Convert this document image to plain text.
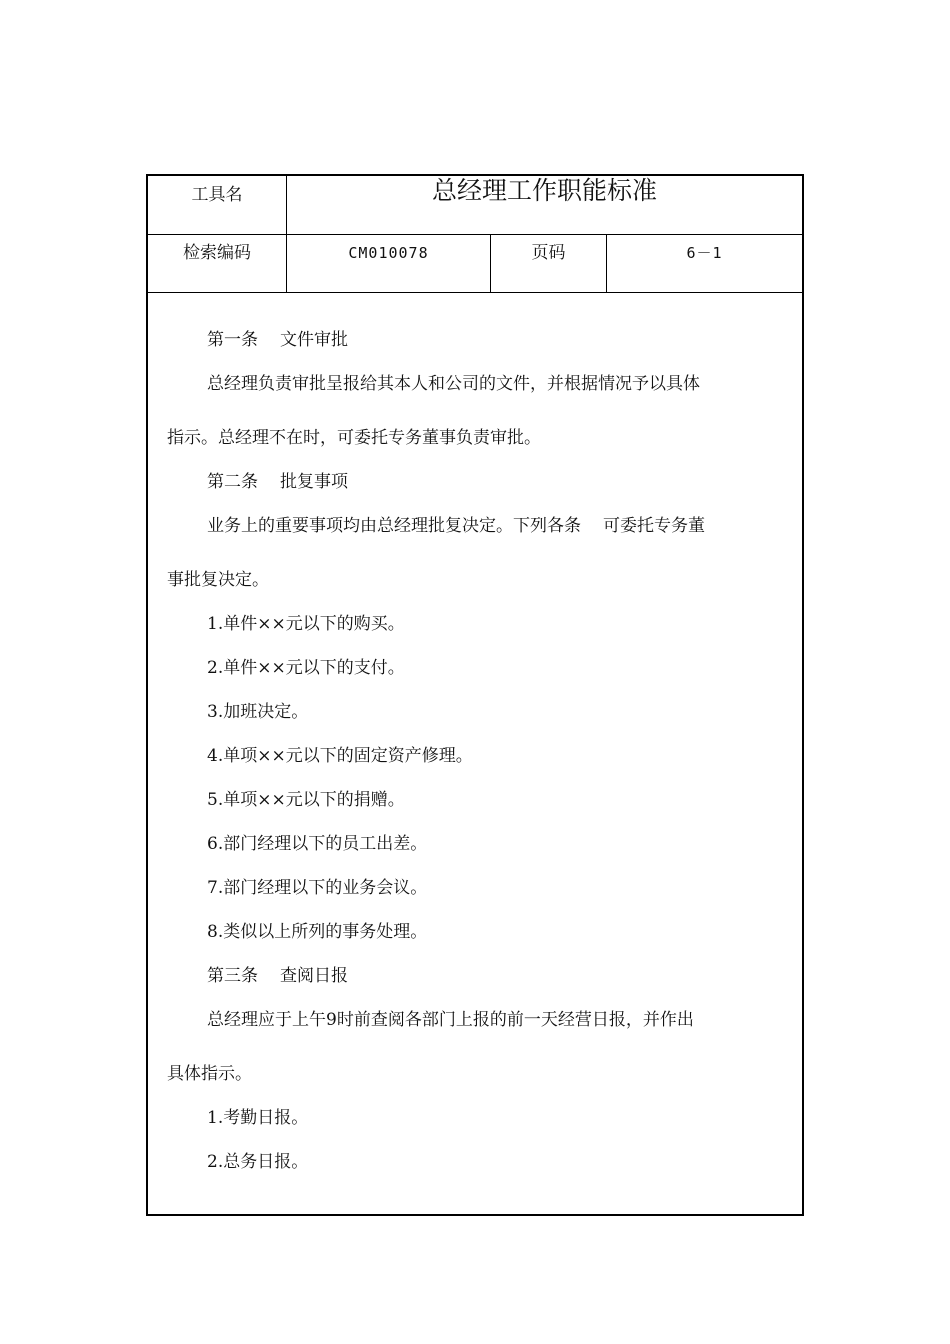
工具名	总经理工作职能标准
检索编码	CM010078	页码	6－1
第一条 文件审批
总经理负责审批呈报给其本人和公司的文件，并根据情况予以具体
指示。总经理不在时，可委托专务董事负责审批。
第二条 批复事项
业务上的重要事项均由总经理批复决定。下列各条 可委托专务董
事批复决定。
1.单件××元以下的购买。
2.单件××元以下的支付。
3.加班决定。
4.单项××元以下的固定资产修理。
5.单项××元以下的捐赠。
6.部门经理以下的员工出差。
7.部门经理以下的业务会议。
8.类似以上所列的事务处理。
第三条 查阅日报
总经理应于上午9时前查阅各部门上报的前一天经营日报，并作出
具体指示。
1.考勤日报。
2.总务日报。
